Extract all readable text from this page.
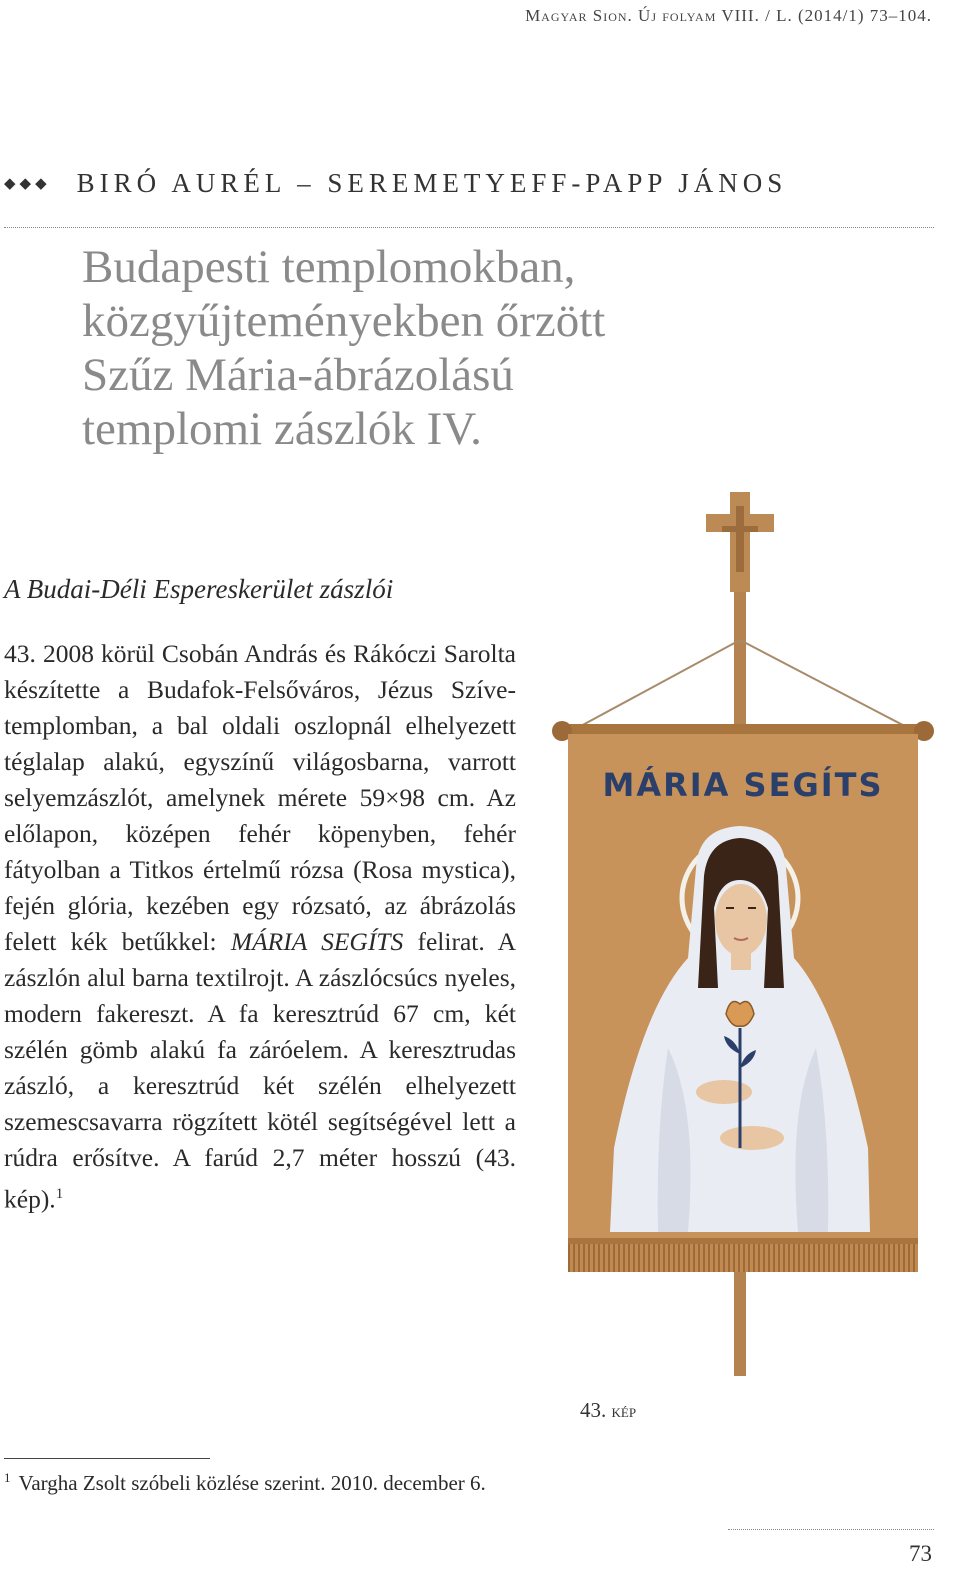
Magyar Sion. Új folyam VIII. / L. (2014/1) 73–104.
◆◆◆ BIRÓ AURÉL – SEREMETYEFF-PAPP JÁNOS
Budapesti templomokban,
közgyűjteményekben őrzött
Szűz Mária-ábrázolású
templomi zászlók IV.
A Budai-Déli Espereskerület zászlói
43. 2008 körül Csobán András és Rákóczi Sarolta készítette a Budafok-Felsőváros, Jézus Szíve-templomban, a bal oldali oszlopnál elhelyezett téglalap alakú, egyszínű világosbarna, varrott selyemzászlót, amelynek mérete 59×98 cm. Az előlapon, középen fehér köpenyben, fehér fátyolban a Titkos értelmű rózsa (Rosa mystica), fején glória, kezében egy rózsató, az ábrázolás felett kék betűkkel: MÁRIA SEGÍTS felirat. A zászlón alul barna textilrojt. A zászlócsúcs nyeles, modern fakereszt. A fa keresztrúd 67 cm, két szélén gömb alakú fa záróelem. A keresztrudas zászló, a keresztrúd két szélén elhelyezett szemescsavarra rögzített kötél segítségével lett a rúdra erősítve. A farúd 2,7 méter hosszú (43. kép).$^1$
MÁRIA SEGÍTS
43. kép
$^1$ Vargha Zsolt szóbeli közlése szerint. 2010. december 6.
73
